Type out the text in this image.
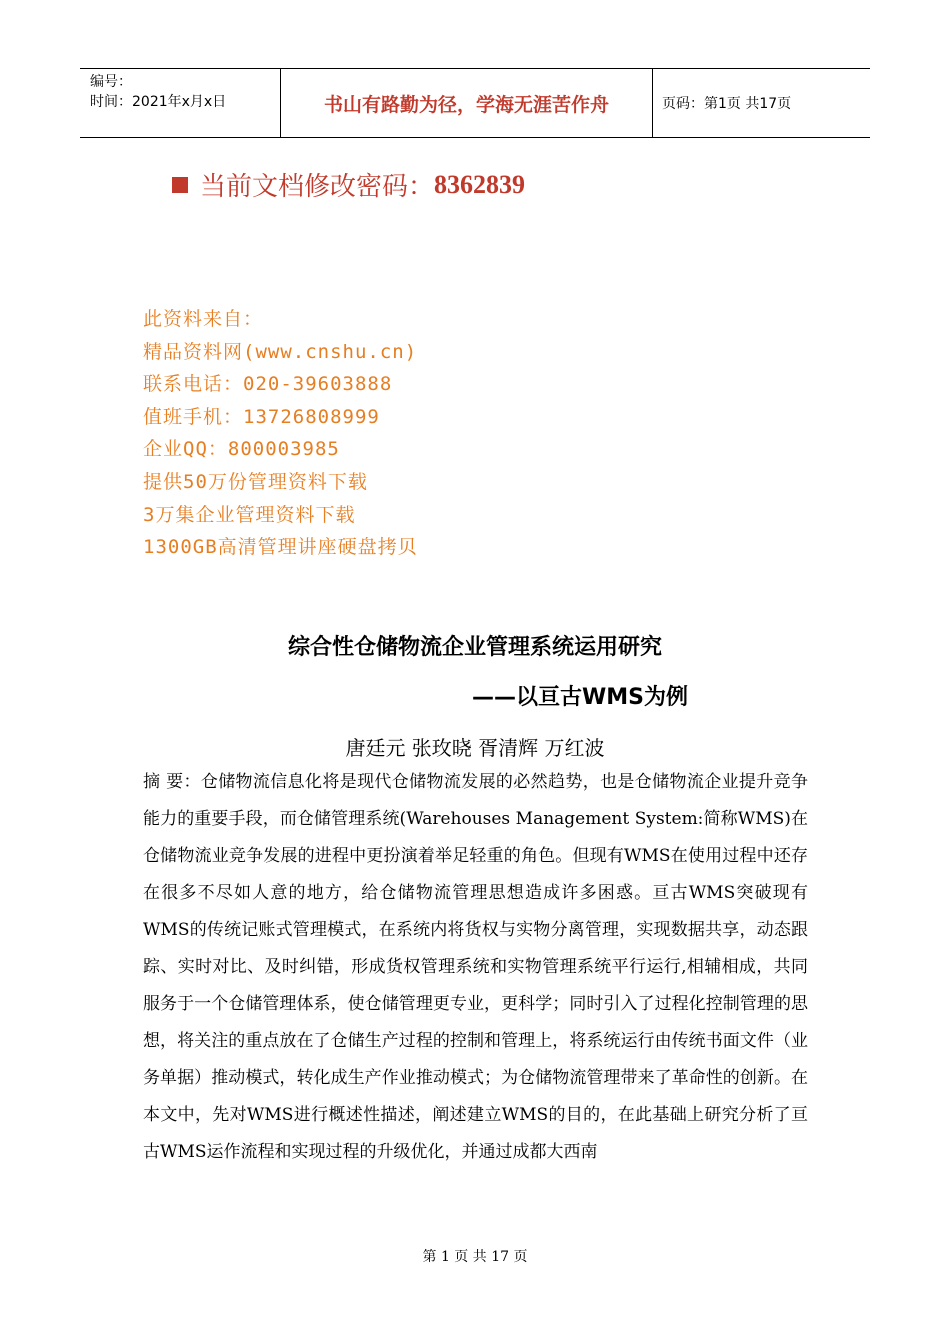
编号：
时间：2021年x月x日	书山有路勤为径，学海无涯苦作舟	页码：第1页 共17页
当前文档修改密码： 8362839
此资料来自：
精品资料网(www.cnshu.cn)
联系电话：020-39603888
值班手机：13726808999
企业QQ：800003985
提供50万份管理资料下载
3万集企业管理资料下载
1300GB高清管理讲座硬盘拷贝
综合性仓储物流企业管理系统运用研究
——以亘古WMS为例
唐廷元 张玫晓 胥清辉 万红波

摘 要：仓储物流信息化将是现代仓储物流发展的必然趋势，也是仓储物流企业提升竞争能力的重要手段，而仓储管理系统(Warehouses Management System:简称WMS)在仓储物流业竞争发展的进程中更扮演着举足轻重的角色。但现有WMS在使用过程中还存在很多不尽如人意的地方，给仓储物流管理思想造成许多困惑。亘古WMS突破现有WMS的传统记账式管理模式，在系统内将货权与实物分离管理，实现数据共享，动态跟踪、实时对比、及时纠错，形成货权管理系统和实物管理系统平行运行,相辅相成，共同服务于一个仓储管理体系，使仓储管理更专业，更科学；同时引入了过程化控制管理的思想，将关注的重点放在了仓储生产过程的控制和管理上，将系统运行由传统书面文件（业务单据）推动模式，转化成生产作业推动模式；为仓储物流管理带来了革命性的创新。在本文中，先对WMS进行概述性描述，阐述建立WMS的目的，在此基础上研究分析了亘古WMS运作流程和实现过程的升级优化，并通过成都大西南

第 1 页 共 17 页
